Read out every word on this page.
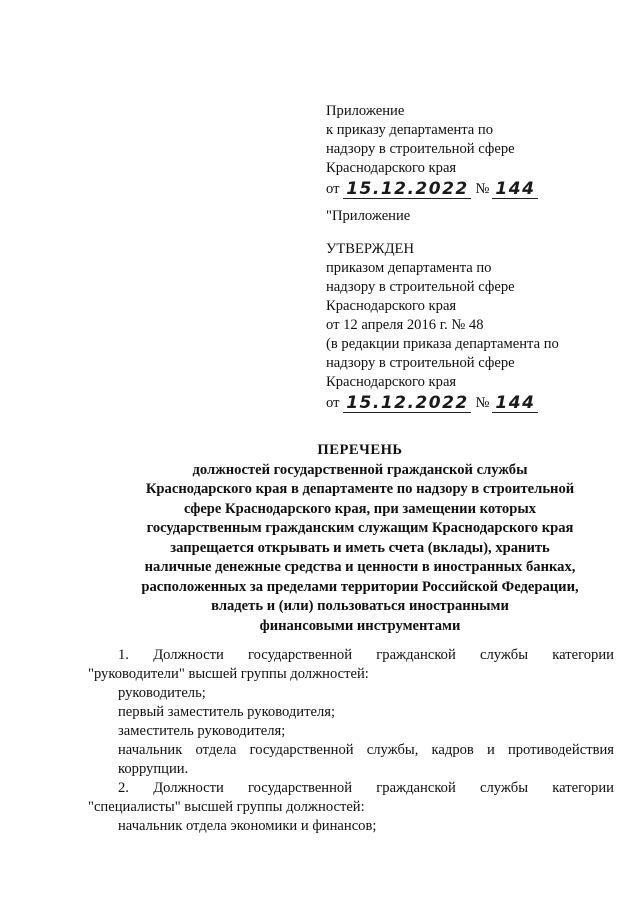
Приложение
к приказу департамента по
надзору в строительной сфере
Краснодарского края
от 15.12.2022 № 144
"Приложение
УТВЕРЖДЕН
приказом департамента по
надзору в строительной сфере
Краснодарского края
от 12 апреля 2016 г. № 48
(в редакции приказа департамента по
надзору в строительной сфере
Краснодарского края
от 15.12.2022 № 144
ПЕРЕЧЕНЬ
должностей государственной гражданской службы
Краснодарского края в департаменте по надзору в строительной
сфере Краснодарского края, при замещении которых
государственным гражданским служащим Краснодарского края
запрещается открывать и иметь счета (вклады), хранить
наличные денежные средства и ценности в иностранных банках,
расположенных за пределами территории Российской Федерации,
владеть и (или) пользоваться иностранными
финансовыми инструментами
1. Должности государственной гражданской службы категории
"руководители" высшей группы должностей:
руководитель;
первый заместитель руководителя;
заместитель руководителя;
начальник отдела государственной службы, кадров и противодействия коррупции.
2. Должности государственной гражданской службы категории
"специалисты" высшей группы должностей:
начальник отдела экономики и финансов;
